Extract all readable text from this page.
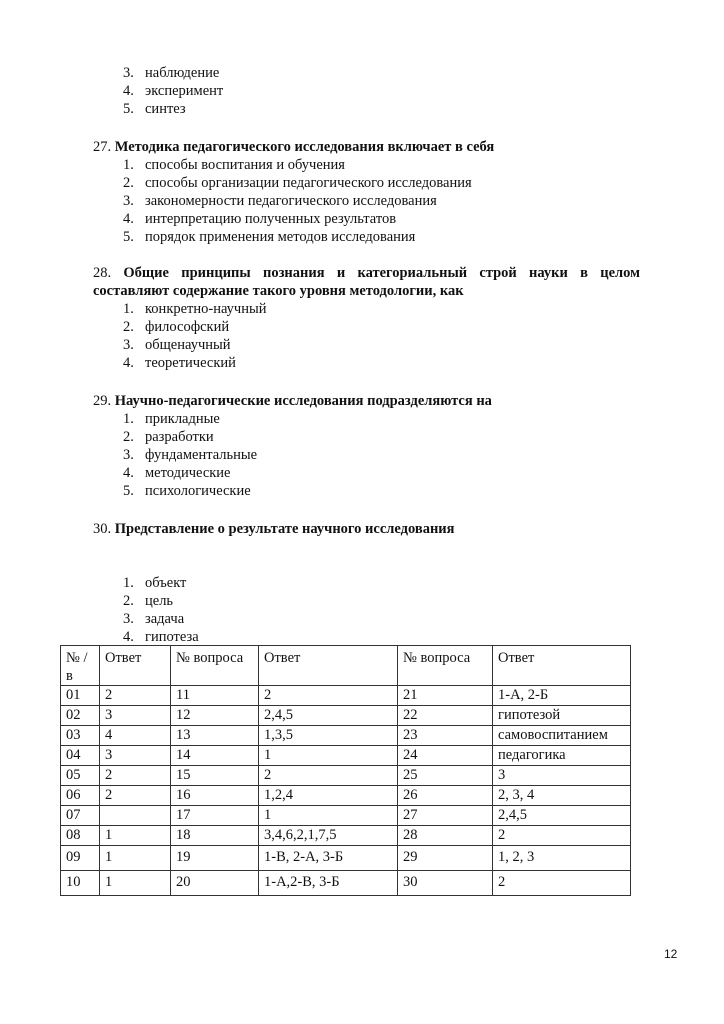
3. наблюдение
4. эксперимент
5. синтез
27. Методика педагогического исследования включает в себя
1. способы воспитания и обучения
2. способы организации педагогического исследования
3. закономерности педагогического исследования
4. интерпретацию полученных результатов
5. порядок применения методов исследования
28. Общие принципы познания и категориальный строй науки в целом составляют содержание такого уровня методологии, как
1. конкретно-научный
2. философский
3. общенаучный
4. теоретический
29. Научно-педагогические исследования подразделяются на
1. прикладные
2. разработки
3. фундаментальные
4. методические
5. психологические
30. Представление о результате научного исследования
1. объект
2. цель
3. задача
4. гипотеза
№ /в	Ответ	№ вопроса	Ответ	№ вопроса	Ответ
01	2	11	2	21	1-А, 2-Б
02	3	12	2,4,5	22	гипотезой
03	4	13	1,3,5	23	самовоспитанием
04	3	14	1	24	педагогика
05	2	15	2	25	3
06	2	16	1,2,4	26	2, 3, 4
07		17	1	27	2,4,5
08	1	18	3,4,6,2,1,7,5	28	2
09	1	19	1-В, 2-А, 3-Б	29	1, 2, 3
10	1	20	1-А,2-В, 3-Б	30	2
12
